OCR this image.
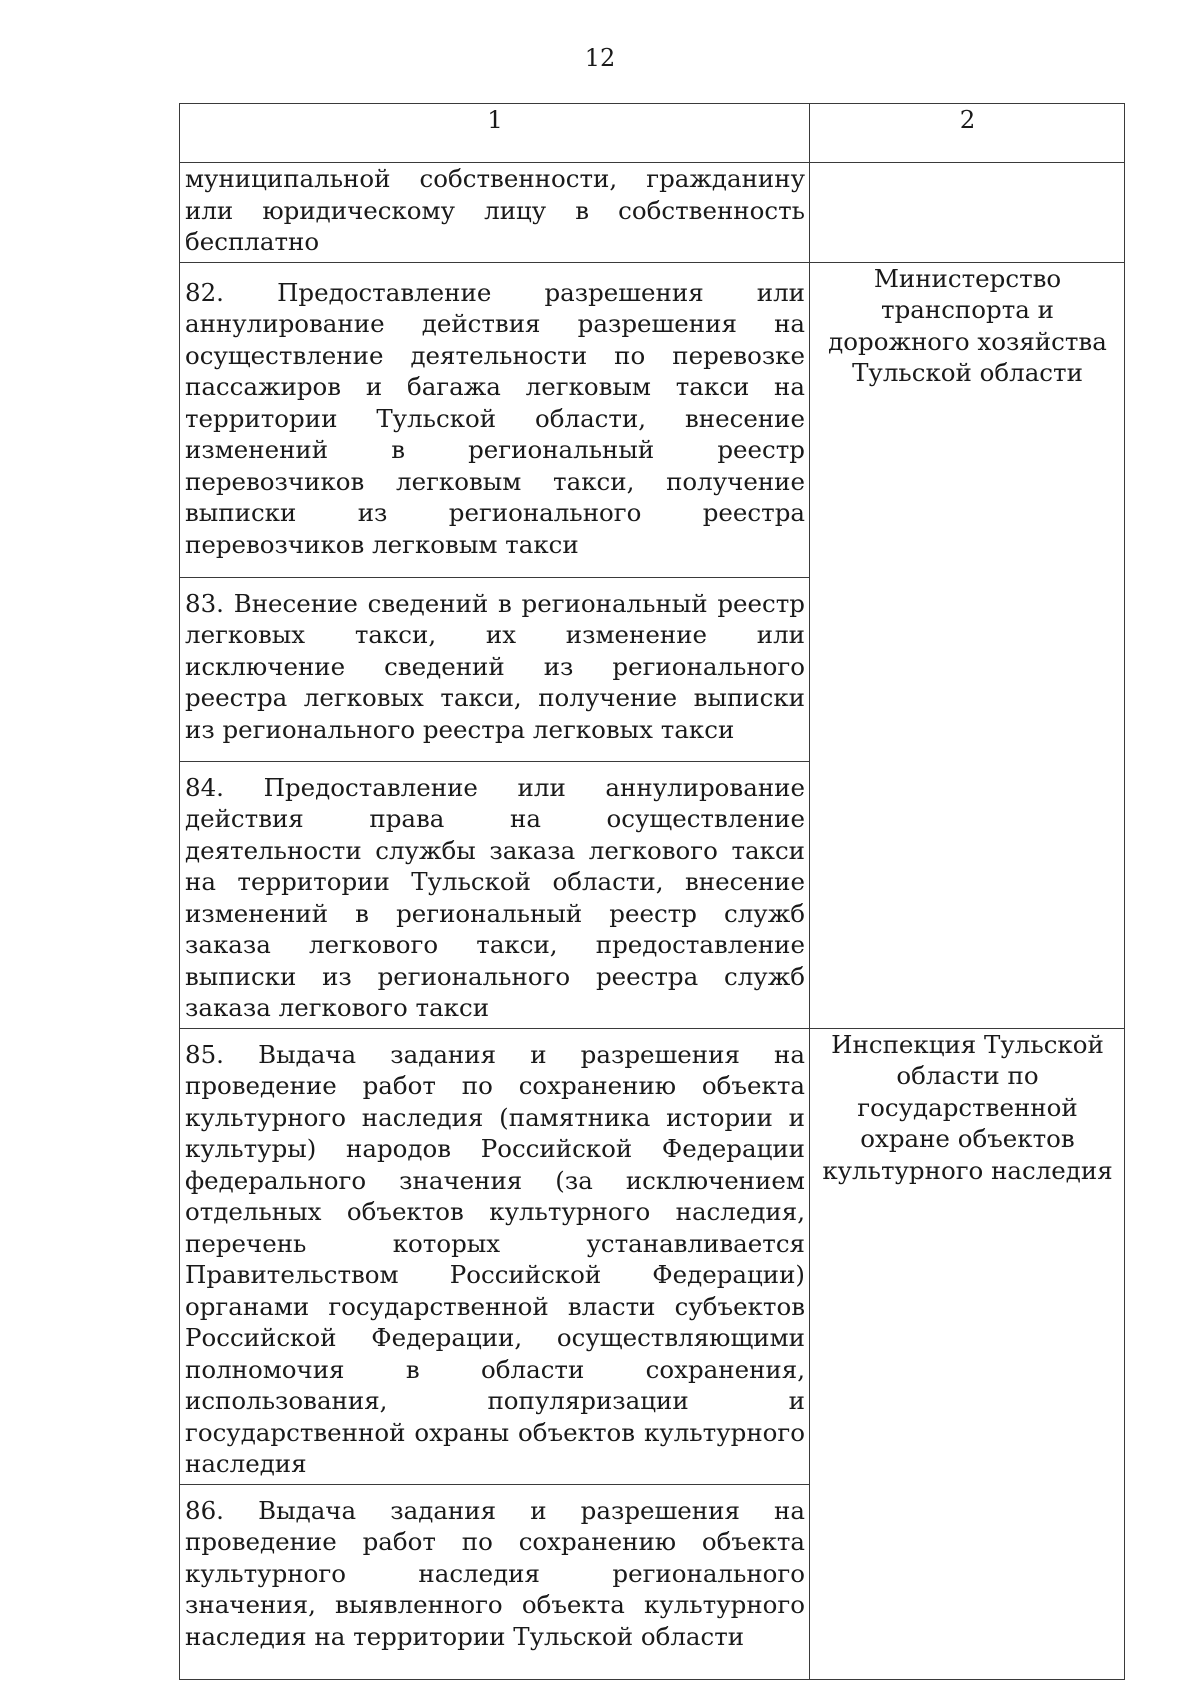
12
1	2
муниципальной собственности, гражданину или юридическому лицу в собственность бесплатно	
82. Предоставление разрешения или аннулирование действия разрешения на осуществление деятельности по перевозке пассажиров и багажа легковым такси на территории Тульской области, внесение изменений в региональный реестр перевозчиков легковым такси, получение выписки из регионального реестра перевозчиков легковым такси	Министерство транспорта и дорожного хозяйства Тульской области
83. Внесение сведений в региональный реестр легковых такси, их изменение или исключение сведений из регионального реестра легковых такси, получение выписки из регионального реестра легковых такси	
84. Предоставление или аннулирование действия права на осуществление деятельности службы заказа легкового такси на территории Тульской области, внесение изменений в региональный реестр служб заказа легкового такси, предоставление выписки из регионального реестра служб заказа легкового такси	
85. Выдача задания и разрешения на проведение работ по сохранению объекта культурного наследия (памятника истории и культуры) народов Российской Федерации федерального значения (за исключением отдельных объектов культурного наследия, перечень которых устанавливается Правительством Российской Федерации) органами государственной власти субъектов Российской Федерации, осуществляющими полномочия в области сохранения, использования, популяризации и государственной охраны объектов культурного наследия	Инспекция Тульской области по государственной охране объектов культурного наследия
86. Выдача задания и разрешения на проведение работ по сохранению объекта культурного наследия регионального значения, выявленного объекта культурного наследия на территории Тульской области	
